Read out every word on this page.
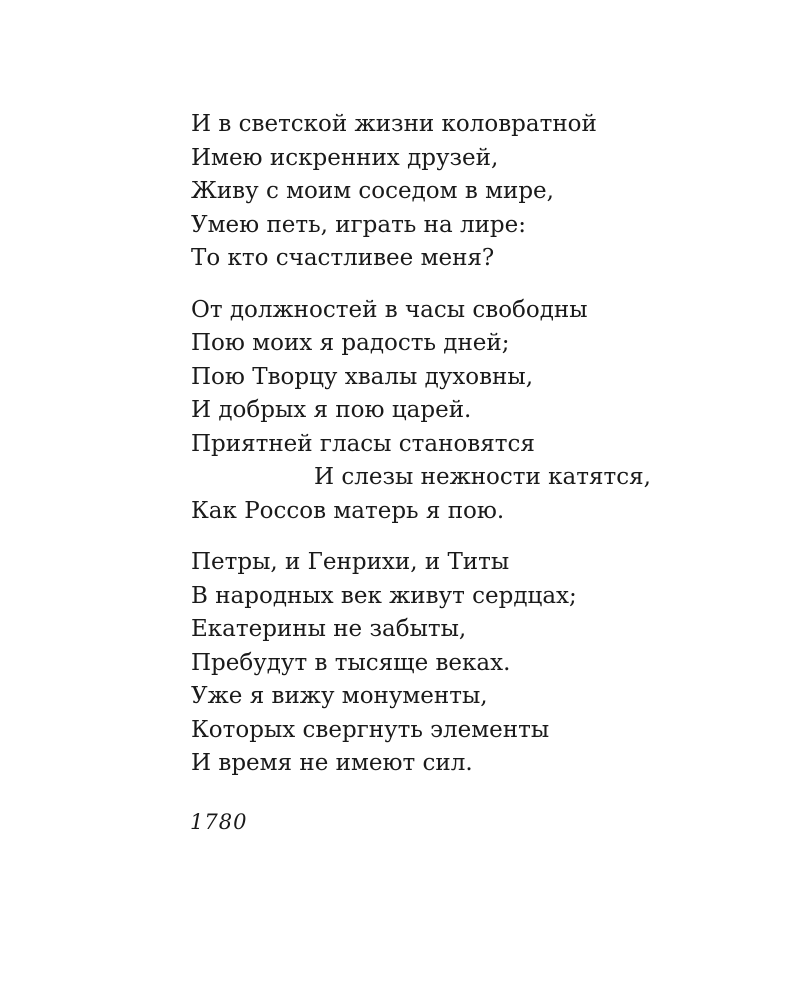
И в светской жизни коловратной
Имею искренних друзей,
Живу с моим соседом в мире,
Умею петь, играть на лире:
То кто счастливее меня?
От должностей в часы свободны
Пою моих я радость дней;
Пою Творцу хвалы духовны,
И добрых я пою царей.
Приятней гласы становятся
И слезы нежности катятся,
Как Россов матерь я пою.
Петры, и Генрихи, и Титы
В народных век живут сердцах;
Екатерины не забыты,
Пребудут в тысяще веках.
Уже я вижу монументы,
Которых свергнуть элементы
И время не имеют сил.
1780
